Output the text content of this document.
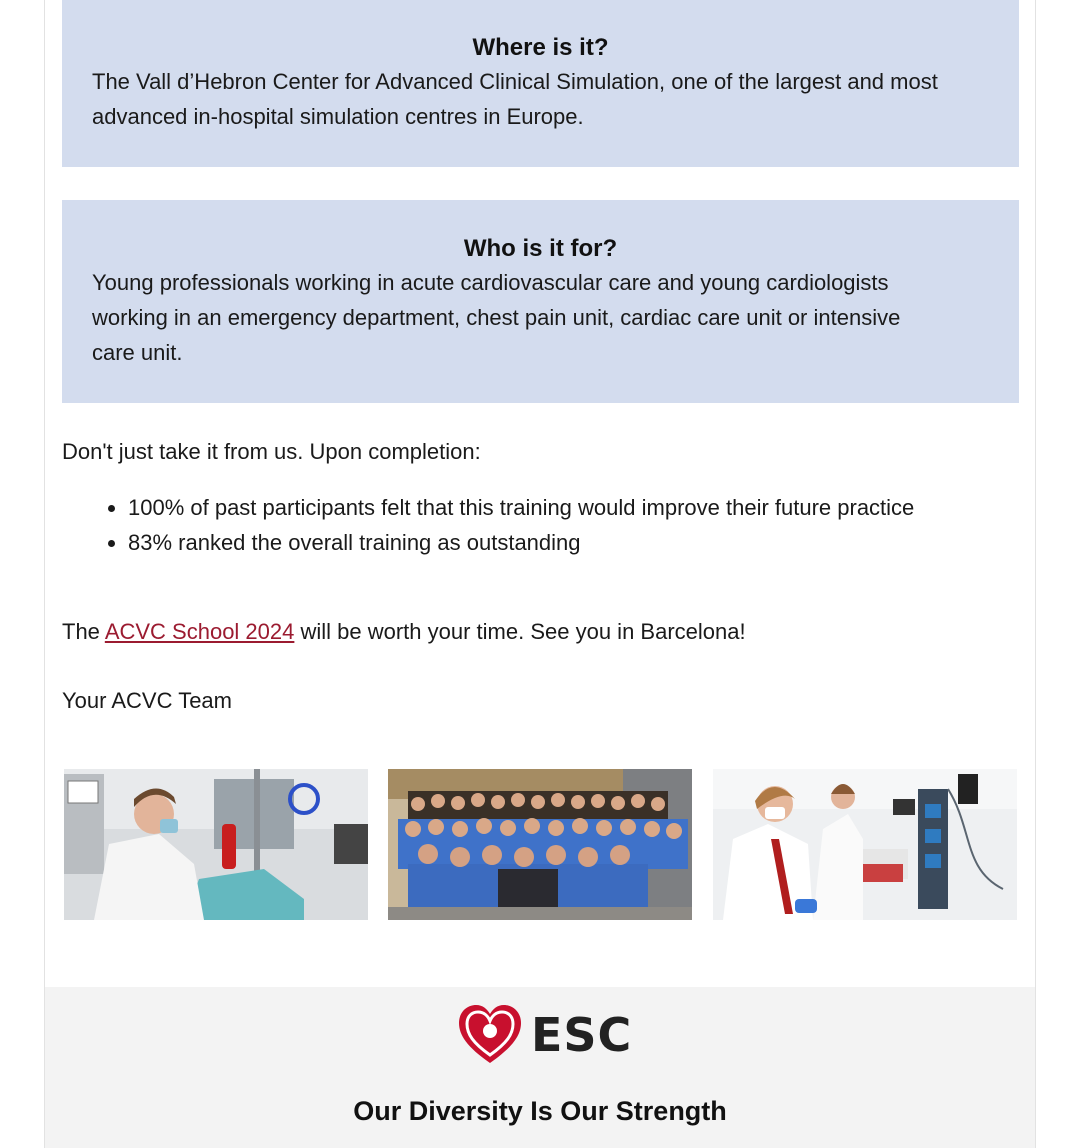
Where is it?

The Vall d’Hebron Center for Advanced Clinical Simulation, one of the largest and most
advanced in-hospital simulation centres in Europe.

Who is it for?

Young professionals working in acute cardiovascular care and young cardiologists
working in an emergency department, chest pain unit, cardiac care unit or intensive
care unit.

Don't just take it from us. Upon completion:

• 100% of past participants felt that this training would improve their future practice
• 83% ranked the overall training as outstanding

The ACVC School 2024 will be worth your time. See you in Barcelona!

Your ACVC Team

ESC
Our Diversity Is Our Strength
